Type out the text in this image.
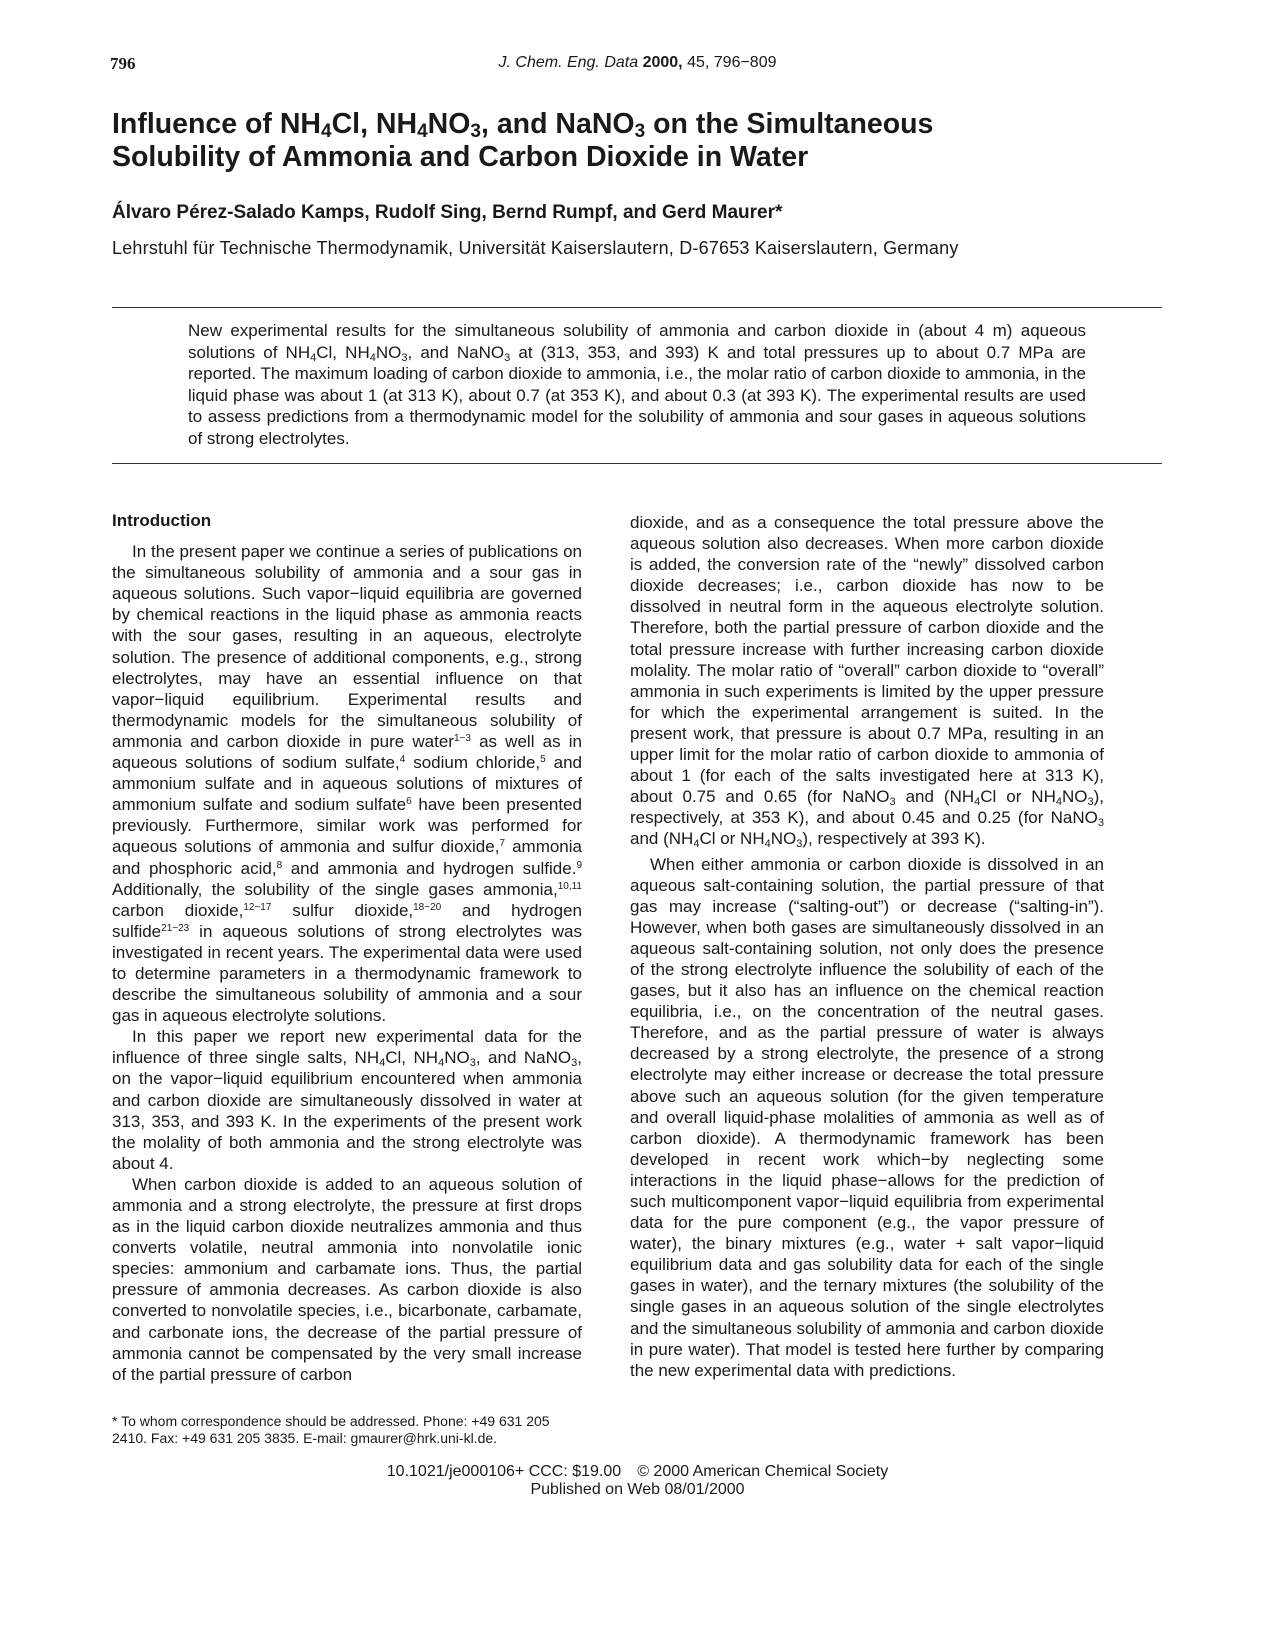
796	J. Chem. Eng. Data 2000, 45, 796−809
Influence of $NH_4Cl$, $NH_4NO_3$, and NaNO$_3$ on the Simultaneous
Solubility of Ammonia and Carbon Dioxide in Water
Álvaro Pérez-Salado Kamps, Rudolf Sing, Bernd Rumpf, and Gerd Maurer*
Lehrstuhl für Technische Thermodynamik, Universität Kaiserslautern, D-67653 Kaiserslautern, Germany
New experimental results for the simultaneous solubility of ammonia and carbon dioxide in (about 4 m) aqueous solutions of $NH_4Cl$, $NH_4NO_3$, and NaNO$_3$ at (313, 353, and 393) K and total pressures up to about 0.7 MPa are reported. The maximum loading of carbon dioxide to ammonia, i.e., the molar ratio of carbon dioxide to ammonia, in the liquid phase was about 1 (at 313 K), about 0.7 (at 353 K), and about 0.3 (at 393 K). The experimental results are used to assess predictions from a thermodynamic model for the solubility of ammonia and sour gases in aqueous solutions of strong electrolytes.
Introduction

In the present paper we continue a series of publications on the simultaneous solubility of ammonia and a sour gas in aqueous solutions. Such vapor−liquid equilibria are governed by chemical reactions in the liquid phase as ammonia reacts with the sour gases, resulting in an aqueous, electrolyte solution. The presence of additional components, e.g., strong electrolytes, may have an essential influence on that vapor−liquid equilibrium. Experimental results and thermodynamic models for the simultaneous solubility of ammonia and carbon dioxide in pure water$^{1-3}$ as well as in aqueous solutions of sodium sulfate,$^4$ sodium chloride,$^5$ and ammonium sulfate and in aqueous solutions of mixtures of ammonium sulfate and sodium sulfate$^6$ have been presented previously. Furthermore, similar work was performed for aqueous solutions of ammonia and sulfur dioxide,$^7$ ammonia and phosphoric acid,$^8$ and ammonia and hydrogen sulfide.$^9$ Additionally, the solubility of the single gases ammonia,$^{10,11}$ carbon dioxide,$^{12-17}$ sulfur dioxide,$^{18-20}$ and hydrogen sulfide$^{21-23}$ in aqueous solutions of strong electrolytes was investigated in recent years. The experimental data were used to determine parameters in a thermodynamic framework to describe the simultaneous solubility of ammonia and a sour gas in aqueous electrolyte solutions.

In this paper we report new experimental data for the influence of three single salts, $NH_4Cl$, $NH_4NO_3$, and NaNO$_3$, on the vapor−liquid equilibrium encountered when ammonia and carbon dioxide are simultaneously dissolved in water at 313, 353, and 393 K. In the experiments of the present work the molality of both ammonia and the strong electrolyte was about 4.

When carbon dioxide is added to an aqueous solution of ammonia and a strong electrolyte, the pressure at first drops as in the liquid carbon dioxide neutralizes ammonia and thus converts volatile, neutral ammonia into nonvolatile ionic species: ammonium and carbamate ions. Thus, the partial pressure of ammonia decreases. As carbon dioxide is also converted to nonvolatile species, i.e., bicarbonate, carbamate, and carbonate ions, the decrease of the partial pressure of ammonia cannot be compensated by the very small increase of the partial pressure of carbon

dioxide, and as a consequence the total pressure above the aqueous solution also decreases. When more carbon dioxide is added, the conversion rate of the “newly” dissolved carbon dioxide decreases; i.e., carbon dioxide has now to be dissolved in neutral form in the aqueous electrolyte solution. Therefore, both the partial pressure of carbon dioxide and the total pressure increase with further increasing carbon dioxide molality. The molar ratio of “overall” carbon dioxide to “overall” ammonia in such experiments is limited by the upper pressure for which the experimental arrangement is suited. In the present work, that pressure is about 0.7 MPa, resulting in an upper limit for the molar ratio of carbon dioxide to ammonia of about 1 (for each of the salts investigated here at 313 K), about 0.75 and 0.65 (for NaNO$_3$ and ($NH_4Cl$ or $NH_4NO_3$), respectively, at 353 K), and about 0.45 and 0.25 (for NaNO$_3$ and ($NH_4Cl$ or $NH_4NO_3$), respectively at 393 K).

When either ammonia or carbon dioxide is dissolved in an aqueous salt-containing solution, the partial pressure of that gas may increase (“salting-out”) or decrease (“salting-in”). However, when both gases are simultaneously dissolved in an aqueous salt-containing solution, not only does the presence of the strong electrolyte influence the solubility of each of the gases, but it also has an influence on the chemical reaction equilibria, i.e., on the concentration of the neutral gases. Therefore, and as the partial pressure of water is always decreased by a strong electrolyte, the presence of a strong electrolyte may either increase or decrease the total pressure above such an aqueous solution (for the given temperature and overall liquid-phase molalities of ammonia as well as of carbon dioxide). A thermodynamic framework has been developed in recent work which−by neglecting some interactions in the liquid phase−allows for the prediction of such multicomponent vapor−liquid equilibria from experimental data for the pure component (e.g., the vapor pressure of water), the binary mixtures (e.g., water + salt vapor−liquid equilibrium data and gas solubility data for each of the single gases in water), and the ternary mixtures (the solubility of the single gases in an aqueous solution of the single electrolytes and the simultaneous solubility of ammonia and carbon dioxide in pure water). That model is tested here further by comparing the new experimental data with predictions.

* To whom correspondence should be addressed. Phone: +49 631 205 2410. Fax: +49 631 205 3835. E-mail: gmaurer@hrk.uni-kl.de.
10.1021/je000106+ CCC: $19.00 © 2000 American Chemical Society
Published on Web 08/01/2000
